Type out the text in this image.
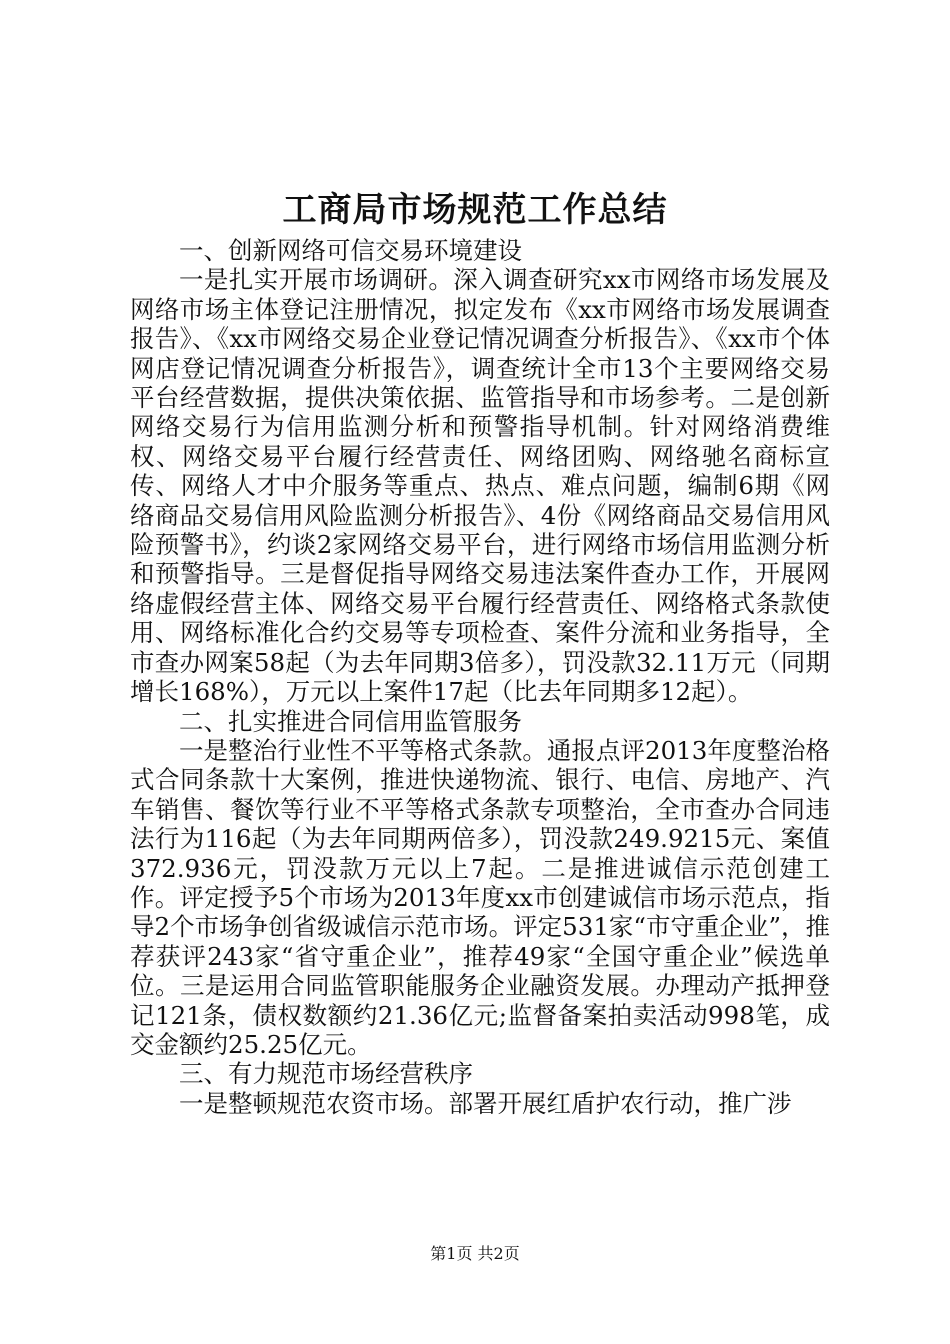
工商局市场规范工作总结

一、创新网络可信交易环境建设

一是扎实开展市场调研。深入调查研究xx市网络市场发展及网络市场主体登记注册情况，拟定发布《xx市网络市场发展调查报告》、《xx市网络交易企业登记情况调查分析报告》、《xx市个体网店登记情况调查分析报告》，调查统计全市13个主要网络交易平台经营数据，提供决策依据、监管指导和市场参考。二是创新网络交易行为信用监测分析和预警指导机制。针对网络消费维权、网络交易平台履行经营责任、网络团购、网络驰名商标宣传、网络人才中介服务等重点、热点、难点问题，编制6期《网络商品交易信用风险监测分析报告》、4份《网络商品交易信用风险预警书》，约谈2家网络交易平台，进行网络市场信用监测分析和预警指导。三是督促指导网络交易违法案件查办工作，开展网络虚假经营主体、网络交易平台履行经营责任、网络格式条款使用、网络标准化合约交易等专项检查、案件分流和业务指导，全市查办网案58起（为去年同期3倍多），罚没款32.11万元（同期增长168%），万元以上案件17起（比去年同期多12起）。

二、扎实推进合同信用监管服务

一是整治行业性不平等格式条款。通报点评2013年度整治格式合同条款十大案例，推进快递物流、银行、电信、房地产、汽车销售、餐饮等行业不平等格式条款专项整治，全市查办合同违法行为116起（为去年同期两倍多），罚没款249.9215元、案值372.936元，罚没款万元以上7起。二是推进诚信示范创建工作。评定授予5个市场为2013年度xx市创建诚信市场示范点，指导2个市场争创省级诚信示范市场。评定531家“市守重企业”，推荐获评243家“省守重企业”，推荐49家“全国守重企业”候选单位。三是运用合同监管职能服务企业融资发展。办理动产抵押登记121条，债权数额约21.36亿元;监督备案拍卖活动998笔，成交金额约25.25亿元。

三、有力规范市场经营秩序

一是整顿规范农资市场。部署开展红盾护农行动，推广涉

第1页 共2页
